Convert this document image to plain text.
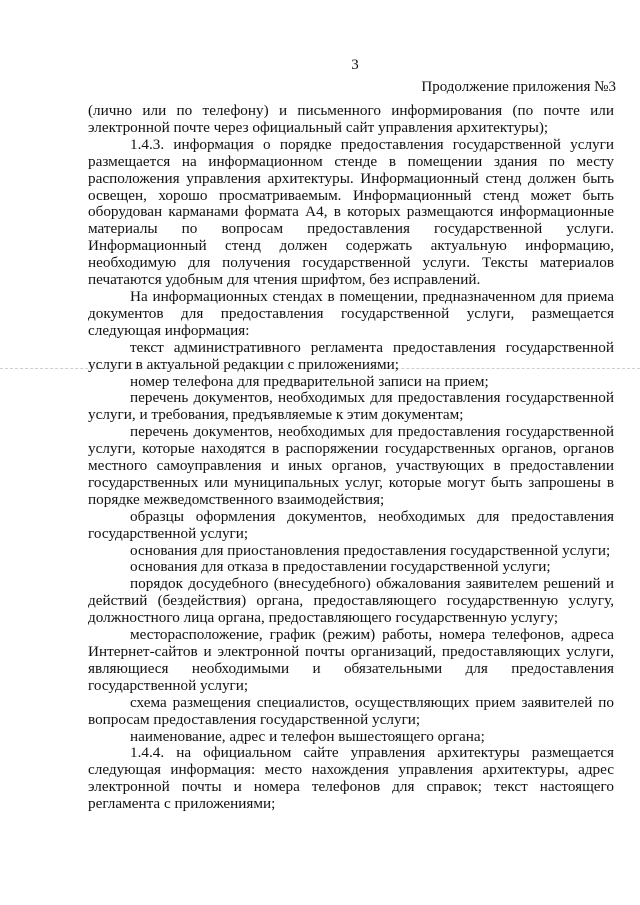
3
Продолжение приложения №3

(лично или по телефону) и письменного информирования (по почте или электронной почте через официальный сайт управления архитектуры);

1.4.3. информация о порядке предоставления государственной услуги размещается на информационном стенде в помещении здания по месту расположения управления архитектуры. Информационный стенд должен быть освещен, хорошо просматриваемым. Информационный стенд может быть оборудован карманами формата А4, в которых размещаются информационные материалы по вопросам предоставления государственной услуги. Информационный стенд должен содержать актуальную информацию, необходимую для получения государственной услуги. Тексты материалов печатаются удобным для чтения шрифтом, без исправлений.

На информационных стендах в помещении, предназначенном для приема документов для предоставления государственной услуги, размещается следующая информация:

текст административного регламента предоставления государственной услуги в актуальной редакции с приложениями;

номер телефона для предварительной записи на прием;

перечень документов, необходимых для предоставления государственной услуги, и требования, предъявляемые к этим документам;

перечень документов, необходимых для предоставления государственной услуги, которые находятся в распоряжении государственных органов, органов местного самоуправления и иных органов, участвующих в предоставлении государственных или муниципальных услуг, которые могут быть запрошены в порядке межведомственного взаимодействия;

образцы оформления документов, необходимых для предоставления государственной услуги;

основания для приостановления предоставления государственной услуги;

основания для отказа в предоставлении государственной услуги;

порядок досудебного (внесудебного) обжалования заявителем решений и действий (бездействия) органа, предоставляющего государственную услугу, должностного лица органа, предоставляющего государственную услугу;

месторасположение, график (режим) работы, номера телефонов, адреса Интернет-сайтов и электронной почты организаций, предоставляющих услуги, являющиеся необходимыми и обязательными для предоставления государственной услуги;

схема размещения специалистов, осуществляющих прием заявителей по вопросам предоставления государственной услуги;

наименование, адрес и телефон вышестоящего органа;

1.4.4. на официальном сайте управления архитектуры размещается следующая информация: место нахождения управления архитектуры, адрес электронной почты и номера телефонов для справок; текст настоящего регламента с приложениями;
